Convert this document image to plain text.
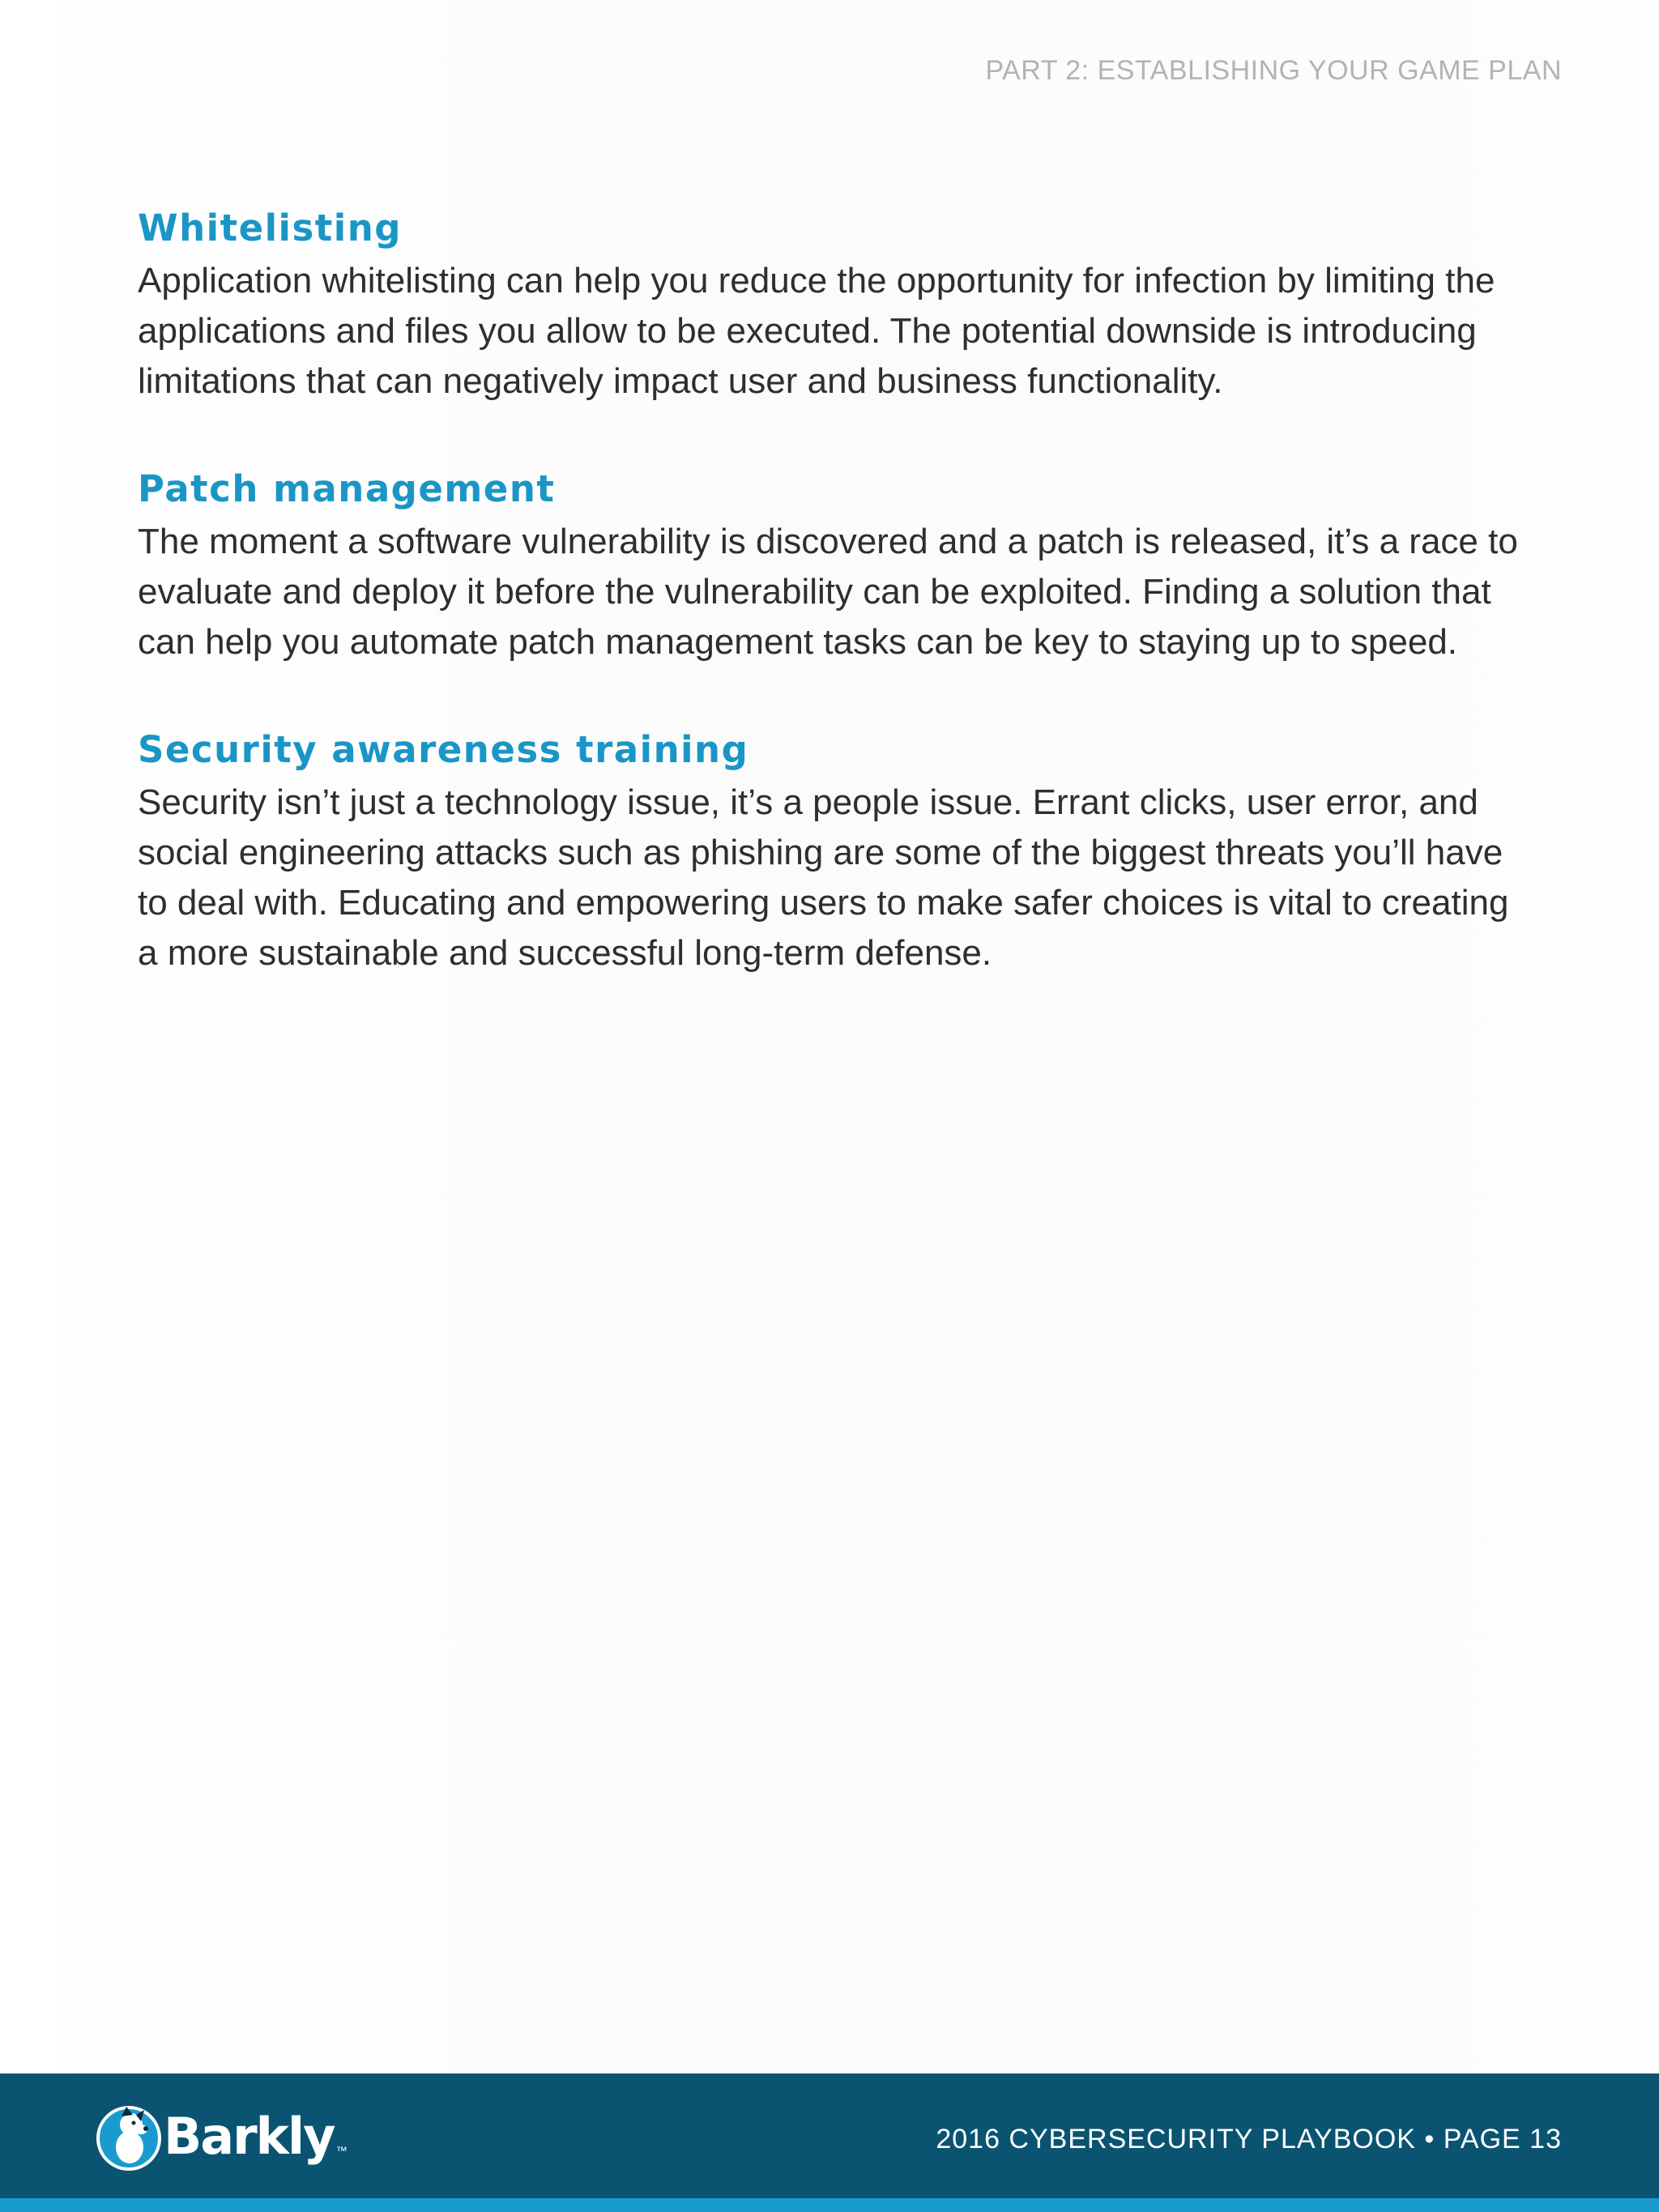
PART 2: ESTABLISHING YOUR GAME PLAN
Whitelisting

Application whitelisting can help you reduce the opportunity for infection by limiting the applications and files you allow to be executed. The potential downside is introducing limitations that can negatively impact user and business functionality.

Patch management

The moment a software vulnerability is discovered and a patch is released, it’s a race to evaluate and deploy it before the vulnerability can be exploited. Finding a solution that can help you automate patch management tasks can be key to staying up to speed.

Security awareness training

Security isn’t just a technology issue, it’s a people issue. Errant clicks, user error, and social engineering attacks such as phishing are some of the biggest threats you’ll have to deal with. Educating and empowering users to make safer choices is vital to creating a more sustainable and successful long-term defense.

Barkly ™	2016 CYBERSECURITY PLAYBOOK • PAGE 13
